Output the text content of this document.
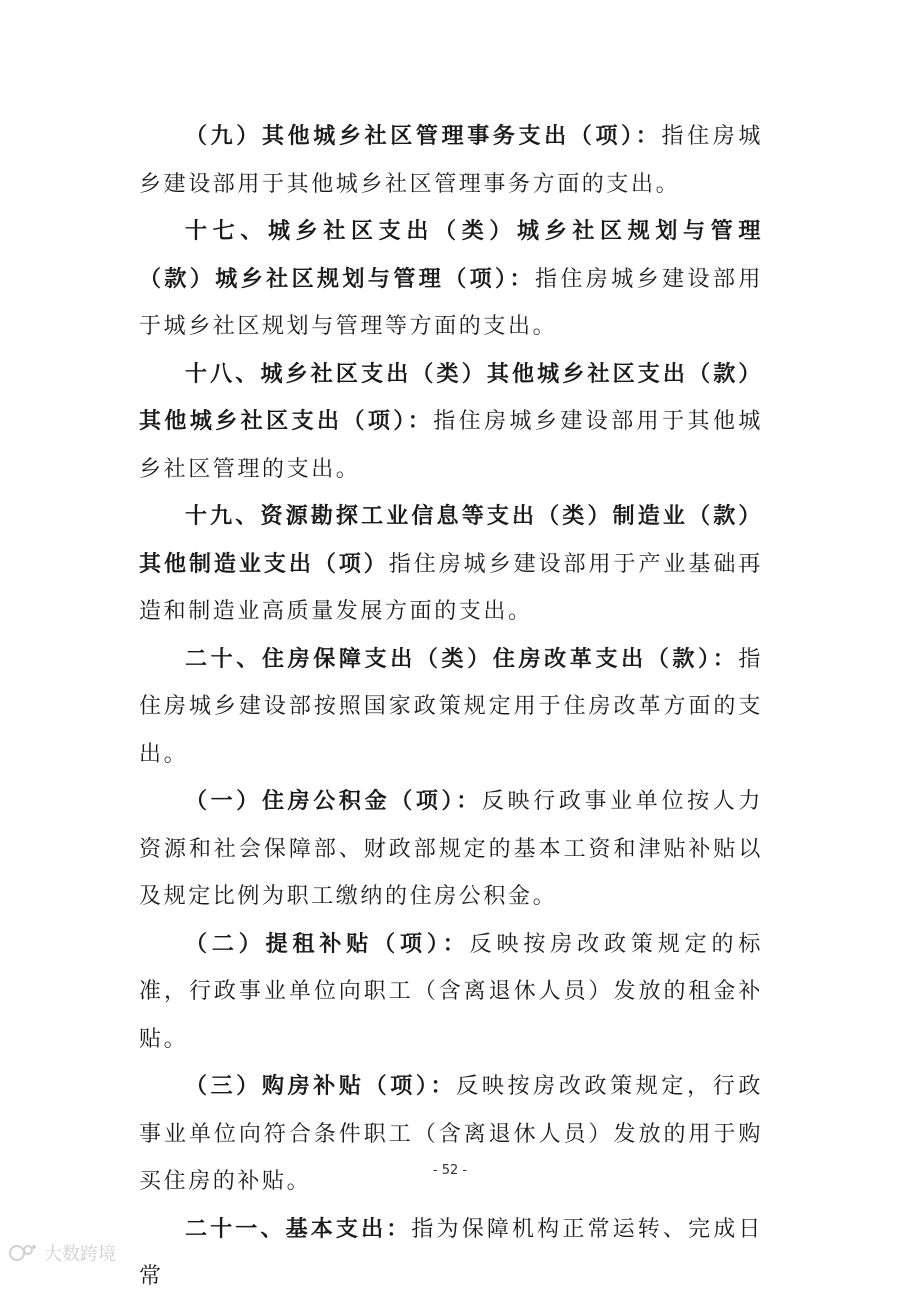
（九）其他城乡社区管理事务支出（项）：指住房城乡建设部用于其他城乡社区管理事务方面的支出。

十七、城乡社区支出（类）城乡社区规划与管理（款）城乡社区规划与管理（项）：指住房城乡建设部用于城乡社区规划与管理等方面的支出。

十八、城乡社区支出（类）其他城乡社区支出（款）其他城乡社区支出（项）：指住房城乡建设部用于其他城乡社区管理的支出。

十九、资源勘探工业信息等支出（类）制造业（款）其他制造业支出（项）指住房城乡建设部用于产业基础再造和制造业高质量发展方面的支出。

二十、住房保障支出（类）住房改革支出（款）：指住房城乡建设部按照国家政策规定用于住房改革方面的支出。

（一）住房公积金（项）：反映行政事业单位按人力资源和社会保障部、财政部规定的基本工资和津贴补贴以及规定比例为职工缴纳的住房公积金。

（二）提租补贴（项）：反映按房改政策规定的标准，行政事业单位向职工（含离退休人员）发放的租金补贴。

（三）购房补贴（项）：反映按房改政策规定，行政事业单位向符合条件职工（含离退休人员）发放的用于购买住房的补贴。

二十一、基本支出：指为保障机构正常运转、完成日常

- 52 -
大数跨境
